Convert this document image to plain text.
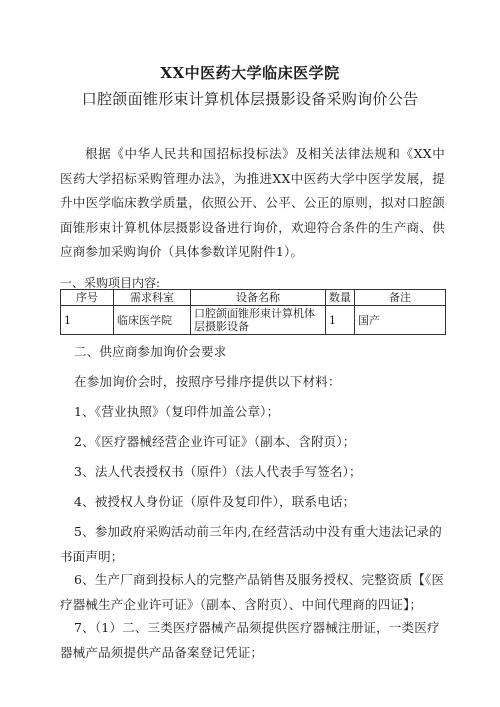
XX中医药大学临床医学院
口腔颌面锥形束计算机体层摄影设备采购询价公告
根据《中华人民共和国招标投标法》及相关法律法规和《XX中医药大学招标采购管理办法》，为推进XX中医药大学中医学发展，提升中医学临床教学质量，依照公开、公平、公正的原则，拟对口腔颌面锥形束计算机体层摄影设备进行询价，欢迎符合条件的生产商、供应商参加采购询价（具体参数详见附件1）。
一、采购项目内容:
序号	需求科室	设备名称	数量	备注
1	临床医学院	口腔颌面锥形束计算机体层摄影设备	1	国产
二、供应商参加询价会要求
在参加询价会时，按照序号排序提供以下材料：
1、《营业执照》（复印件加盖公章）；
2、《医疗器械经营企业许可证》（副本、含附页）；
3、法人代表授权书（原件）（法人代表手写签名）；
4、被授权人身份证（原件及复印件），联系电话；
5、参加政府采购活动前三年内,在经营活动中没有重大违法记录的书面声明；
6、生产厂商到投标人的完整产品销售及服务授权、完整资质【《医疗器械生产企业许可证》（副本、含附页）、中间代理商的四证】；
7、（1）二、三类医疗器械产品须提供医疗器械注册证，一类医疗器械产品须提供产品备案登记凭证；
